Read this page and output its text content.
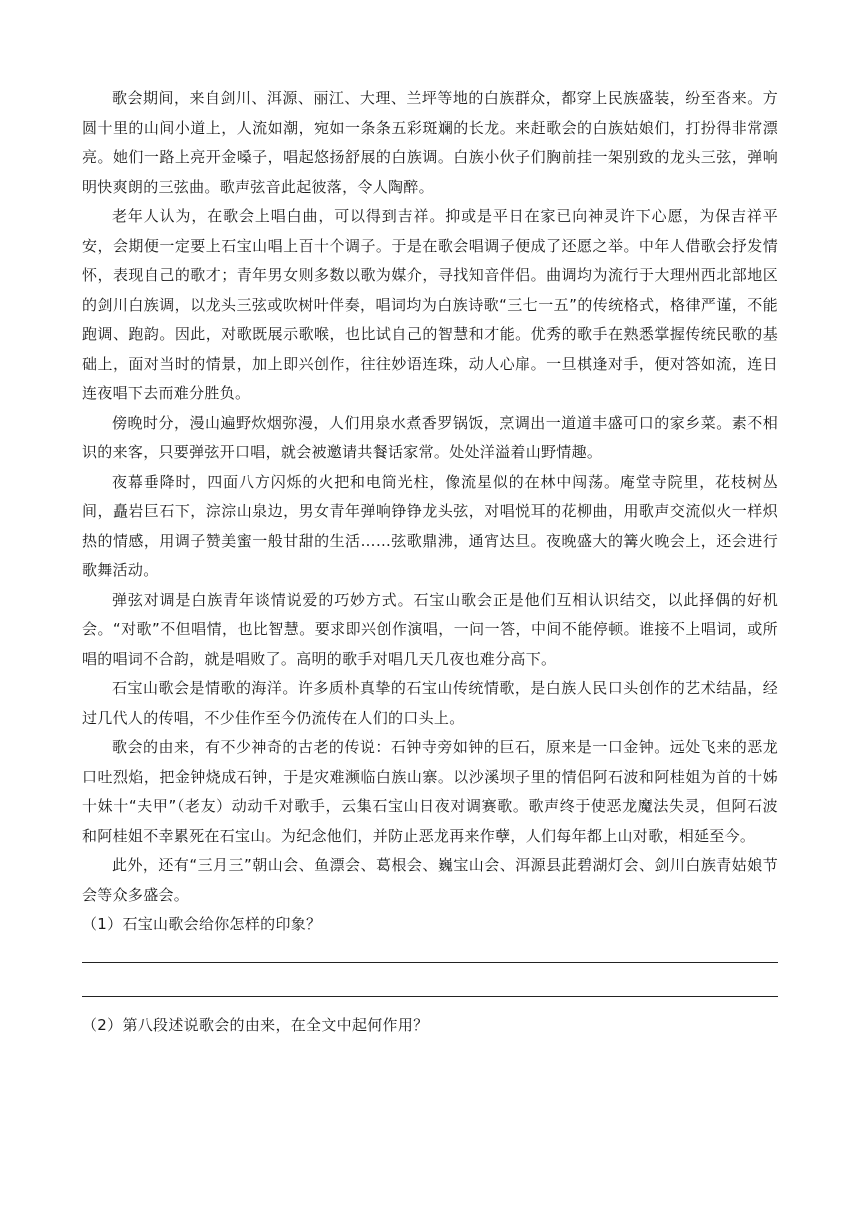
歌会期间，来自剑川、洱源、丽江、大理、兰坪等地的白族群众，都穿上民族盛装，纷至沓来。方圆十里的山间小道上，人流如潮，宛如一条条五彩斑斓的长龙。来赶歌会的白族姑娘们，打扮得非常漂亮。她们一路上亮开金嗓子，唱起悠扬舒展的白族调。白族小伙子们胸前挂一架别致的龙头三弦，弹响明快爽朗的三弦曲。歌声弦音此起彼落，令人陶醉。

老年人认为，在歌会上唱白曲，可以得到吉祥。抑或是平日在家已向神灵许下心愿，为保吉祥平安，会期便一定要上石宝山唱上百十个调子。于是在歌会唱调子便成了还愿之举。中年人借歌会抒发情怀，表现自己的歌才；青年男女则多数以歌为媒介，寻找知音伴侣。曲调均为流行于大理州西北部地区的剑川白族调，以龙头三弦或吹树叶伴奏，唱词均为白族诗歌“三七一五”的传统格式，格律严谨，不能跑调、跑韵。因此，对歌既展示歌喉，也比试自己的智慧和才能。优秀的歌手在熟悉掌握传统民歌的基础上，面对当时的情景，加上即兴创作，往往妙语连珠，动人心扉。一旦棋逢对手，便对答如流，连日连夜唱下去而难分胜负。

傍晚时分，漫山遍野炊烟弥漫，人们用泉水煮香罗锅饭，烹调出一道道丰盛可口的家乡菜。素不相识的来客，只要弹弦开口唱，就会被邀请共餐话家常。处处洋溢着山野情趣。

夜幕垂降时，四面八方闪烁的火把和电筒光柱，像流星似的在林中闯荡。庵堂寺院里，花枝树丛间，矗岩巨石下，淙淙山泉边，男女青年弹响铮铮龙头弦，对唱悦耳的花柳曲，用歌声交流似火一样炽热的情感，用调子赞美蜜一般甘甜的生活……弦歌鼎沸，通宵达旦。夜晚盛大的篝火晚会上，还会进行歌舞活动。

弹弦对调是白族青年谈情说爱的巧妙方式。石宝山歌会正是他们互相认识结交，以此择偶的好机会。“对歌”不但唱情，也比智慧。要求即兴创作演唱，一问一答，中间不能停顿。谁接不上唱词，或所唱的唱词不合韵，就是唱败了。高明的歌手对唱几天几夜也难分高下。

石宝山歌会是情歌的海洋。许多质朴真挚的石宝山传统情歌，是白族人民口头创作的艺术结晶，经过几代人的传唱，不少佳作至今仍流传在人们的口头上。

歌会的由来，有不少神奇的古老的传说：石钟寺旁如钟的巨石，原来是一口金钟。远处飞来的恶龙口吐烈焰，把金钟烧成石钟，于是灾难濒临白族山寨。以沙溪坝子里的情侣阿石波和阿桂姐为首的十姊十妹十“夫甲”（老友）动动千对歌手，云集石宝山日夜对调赛歌。歌声终于使恶龙魔法失灵，但阿石波和阿桂姐不幸累死在石宝山。为纪念他们，并防止恶龙再来作孽，人们每年都上山对歌，相延至今。

此外，还有“三月三”朝山会、鱼漂会、葛根会、巍宝山会、洱源县茈碧湖灯会、剑川白族青姑娘节会等众多盛会。

（1）石宝山歌会给你怎样的印象？

（2）第八段述说歌会的由来，在全文中起何作用？
